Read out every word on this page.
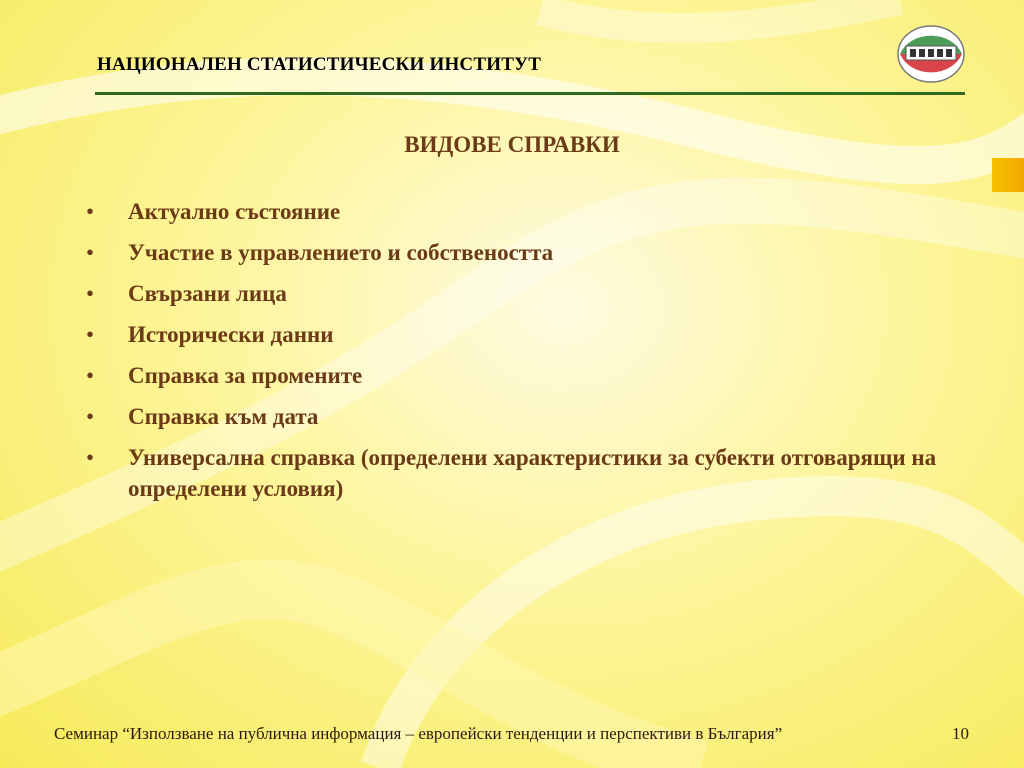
НАЦИОНАЛЕН СТАТИСТИЧЕСКИ ИНСТИТУТ
ВИДОВЕ СПРАВКИ
• Актуално състояние
• Участие в управлението и собствеността
• Свързани лица
• Исторически данни
• Справка за промените
• Справка към дата
• Универсална справка (определени характеристики за субекти отговарящи на определени условия)
Семинар “Използване на публична информация – европейски тенденции и перспективи в България”	10
